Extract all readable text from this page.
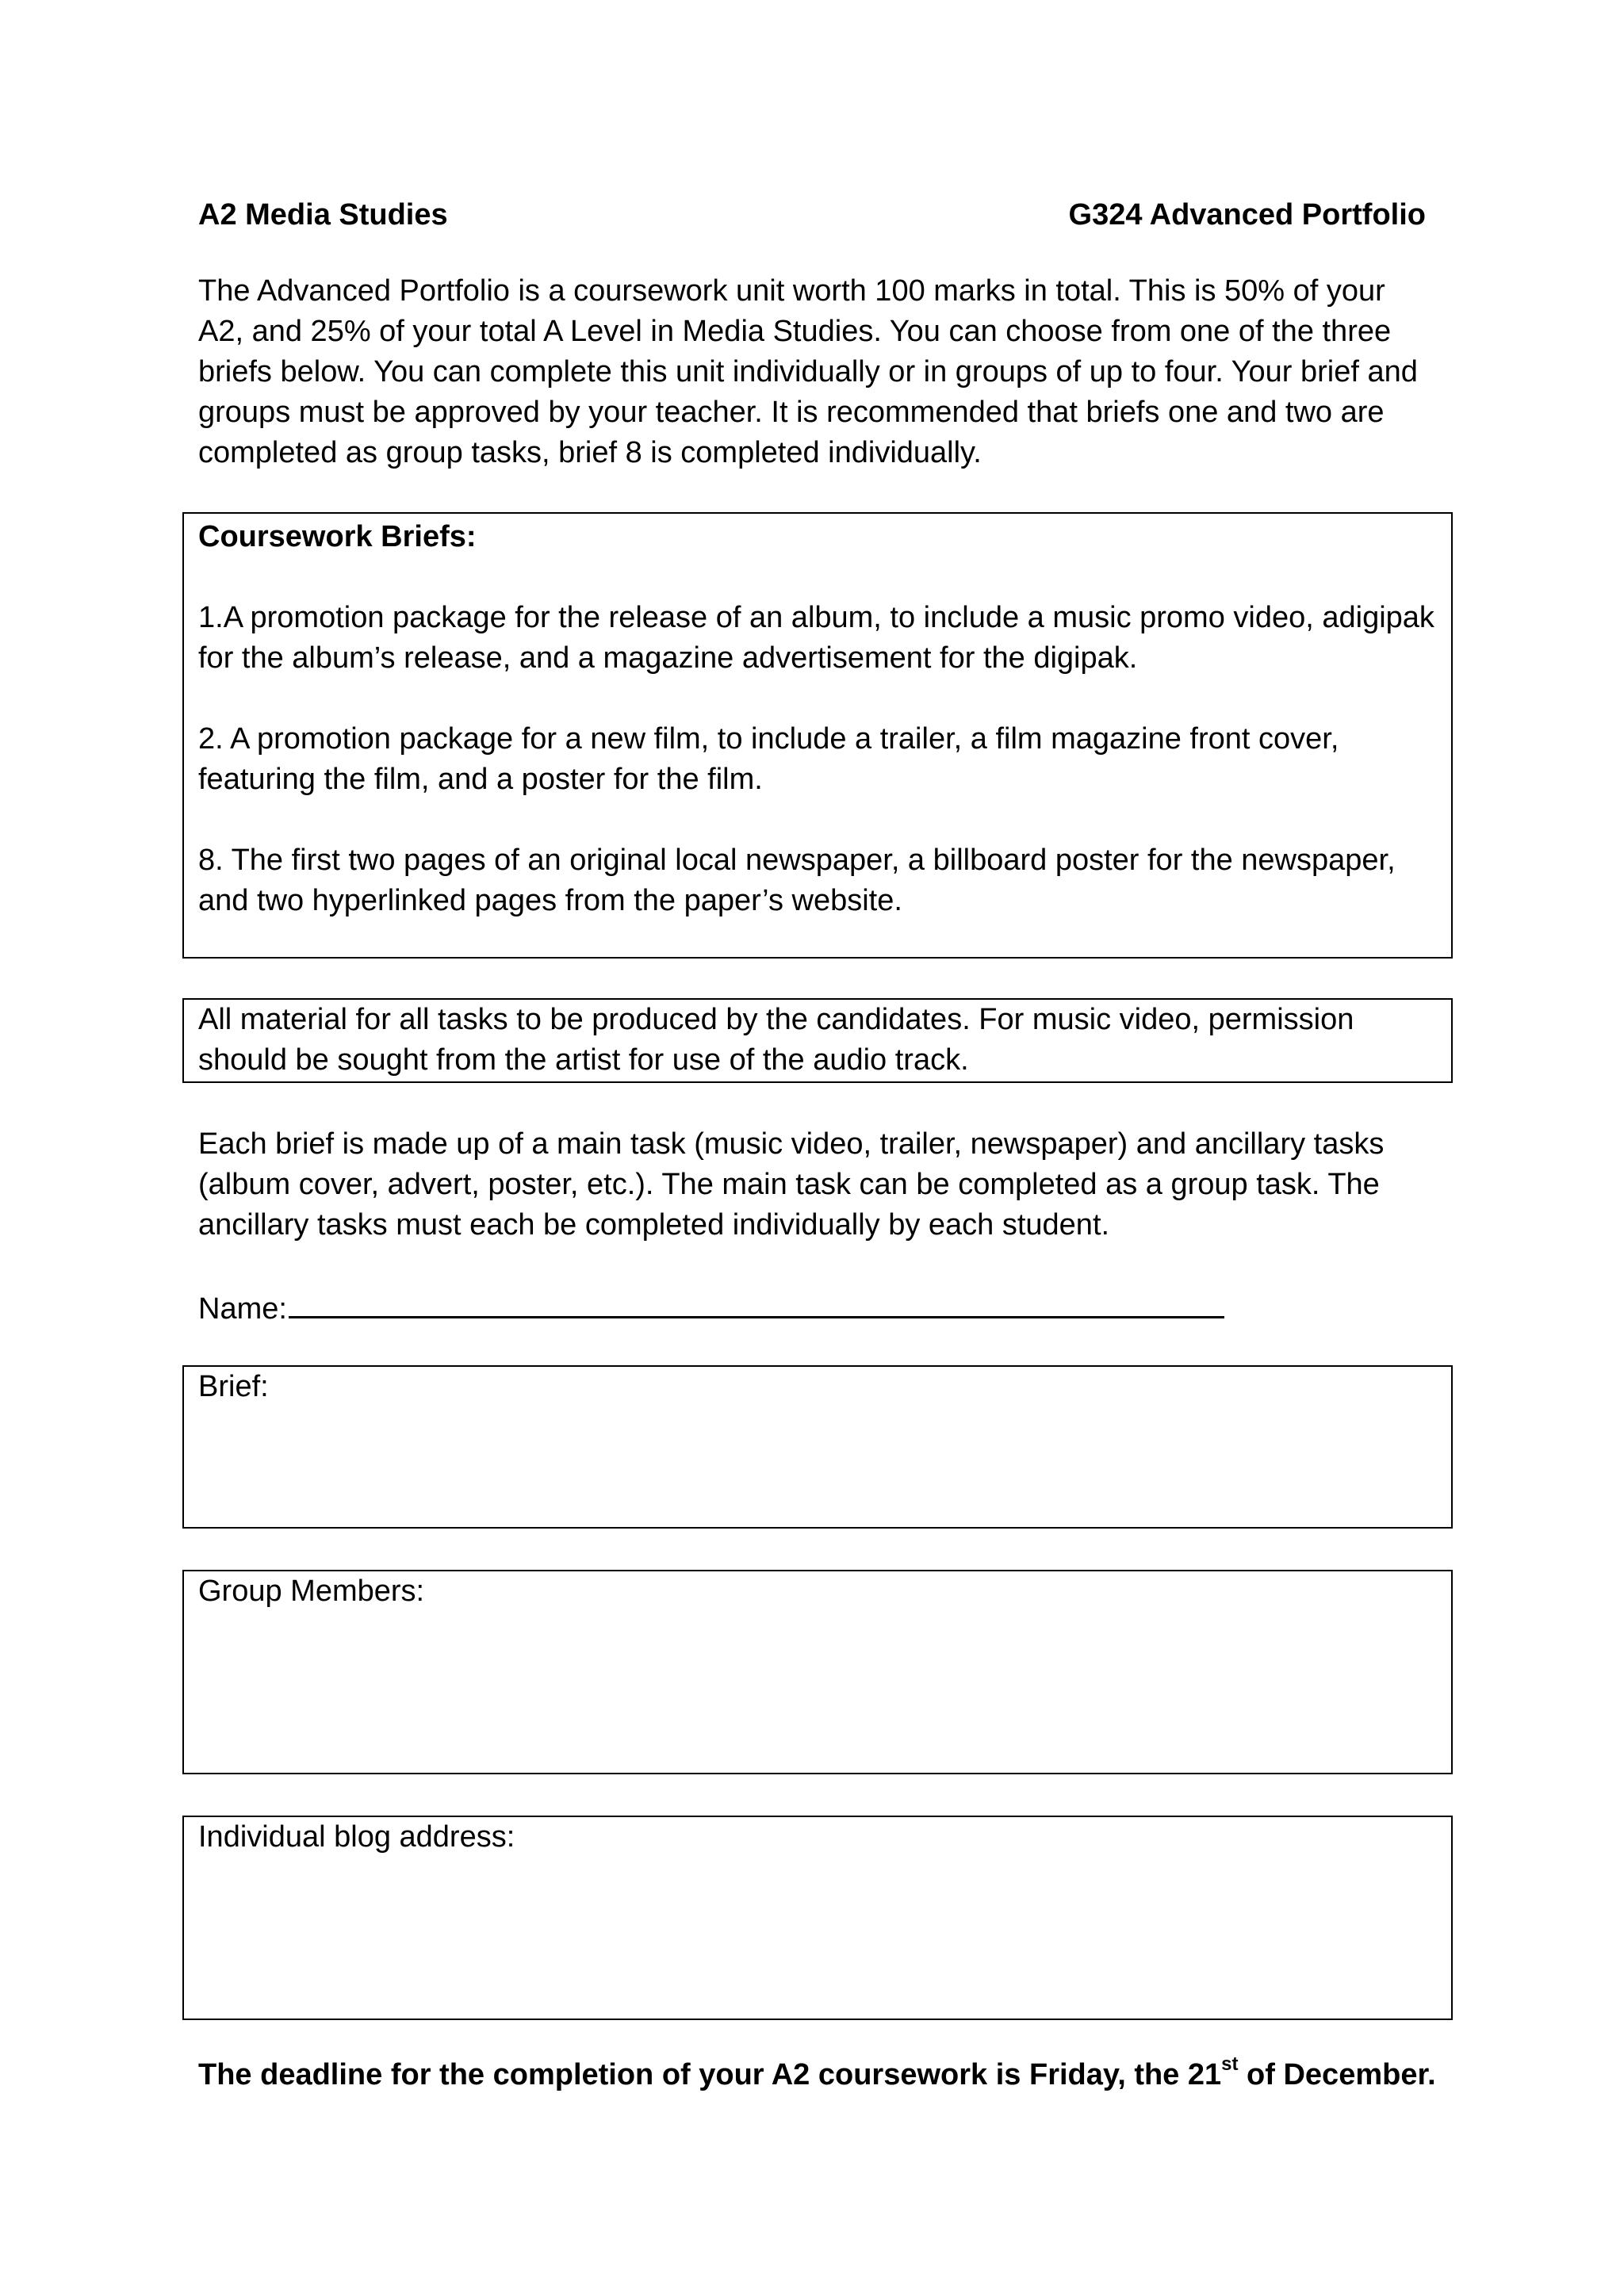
A2 Media Studies	G324 Advanced Portfolio

The Advanced Portfolio is a coursework unit worth 100 marks in total. This is 50% of your A2, and 25% of your total A Level in Media Studies. You can choose from one of the three briefs below. You can complete this unit individually or in groups of up to four. Your brief and groups must be approved by your teacher. It is recommended that briefs one and two are completed as group tasks, brief 8 is completed individually.

Coursework Briefs:

1.A promotion package for the release of an album, to include a music promo video, adigipak for the album’s release, and a magazine advertisement for the digipak.

2. A promotion package for a new film, to include a trailer, a film magazine front cover, featuring the film, and a poster for the film.

8. The first two pages of an original local newspaper, a billboard poster for the newspaper, and two hyperlinked pages from the paper’s website.

All material for all tasks to be produced by the candidates. For music video, permission should be sought from the artist for use of the audio track.

Each brief is made up of a main task (music video, trailer, newspaper) and ancillary tasks (album cover, advert, poster, etc.). The main task can be completed as a group task. The ancillary tasks must each be completed individually by each student.

Name:

Brief:

Group Members:

Individual blog address:

The deadline for the completion of your A2 coursework is Friday, the 21st of December.
